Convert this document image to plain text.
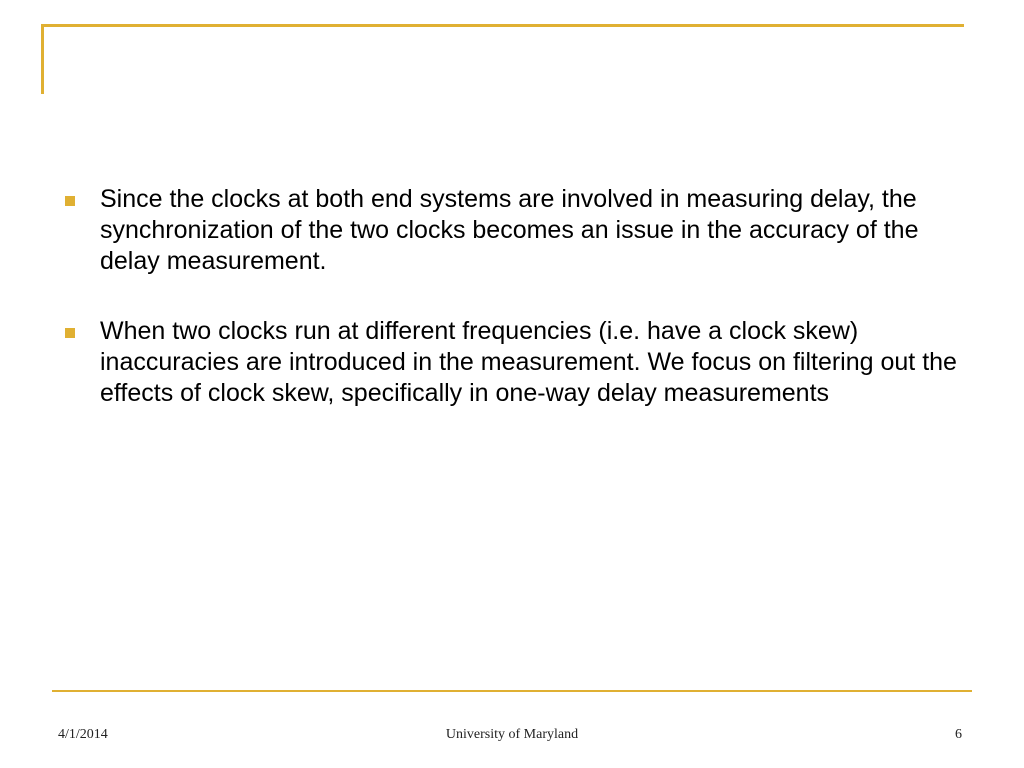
Since the clocks at both end systems are involved in measuring delay, the synchronization of the two clocks becomes an issue in the accuracy of the delay measurement.
When two clocks run at different frequencies (i.e. have a clock skew) inaccuracies are introduced in the measurement. We focus on filtering out the effects of clock skew, specifically in one-way delay measurements
4/1/2014	University of Maryland	6
